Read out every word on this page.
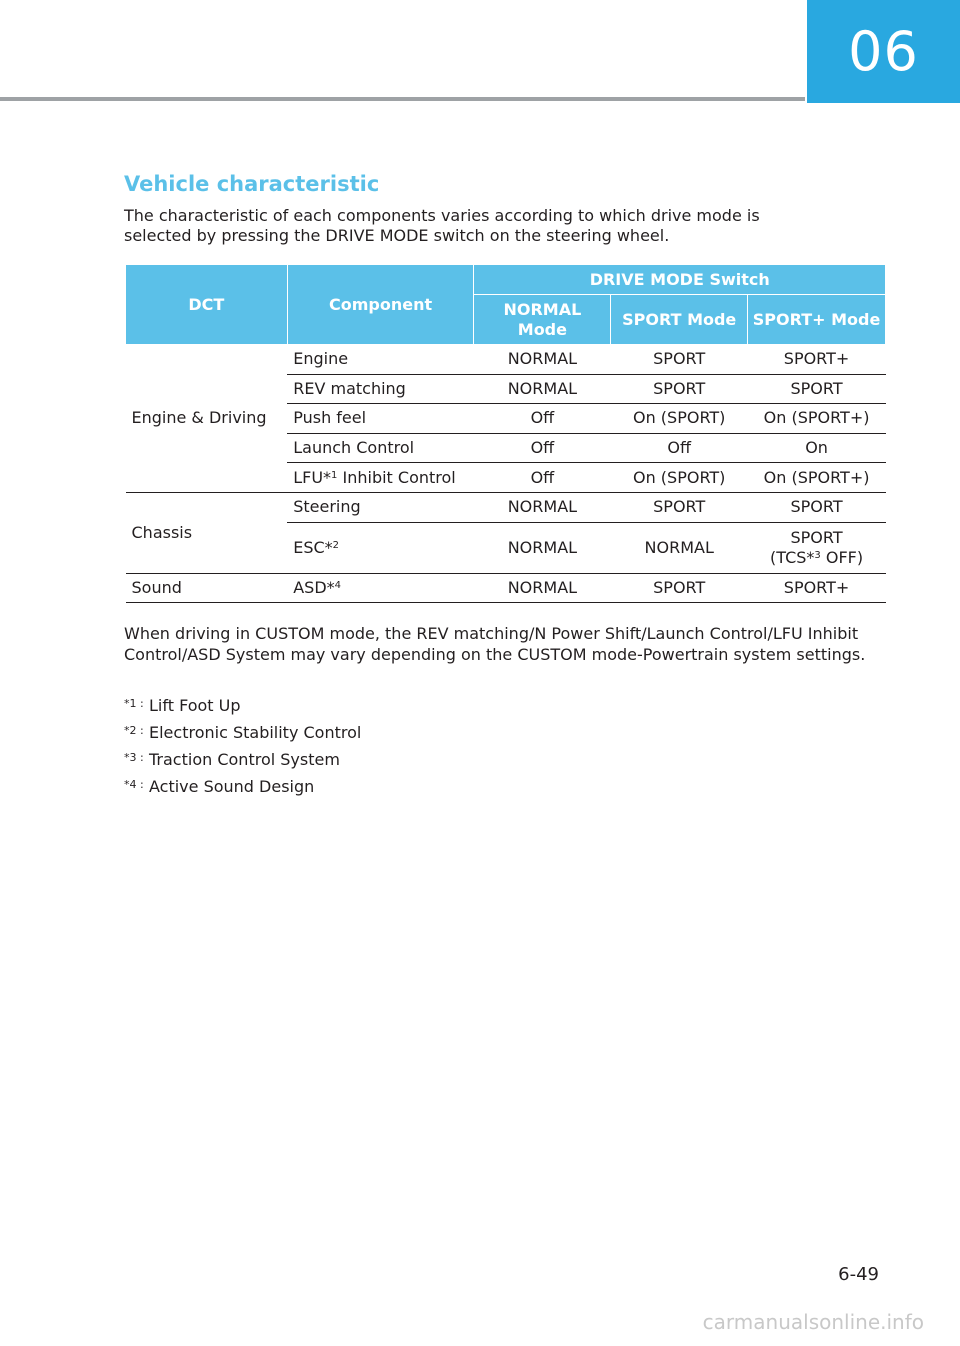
06
Vehicle characteristic
The characteristic of each components varies according to which drive mode is selected by pressing the DRIVE MODE switch on the steering wheel.
DCT	Component	DRIVE MODE Switch		
		NORMAL Mode	SPORT Mode	SPORT+ Mode
Engine & Driving	Engine	NORMAL	SPORT	SPORT+
	REV matching	NORMAL	SPORT	SPORT
	Push feel	Off	On (SPORT)	On (SPORT+)
	Launch Control	Off	Off	On
	LFU*$^1$ Inhibit Control	Off	On (SPORT)	On (SPORT+)
Chassis	Steering	NORMAL	SPORT	SPORT
	ESC*$^2$	NORMAL	NORMAL	SPORT
(TCS*$^3$ OFF)
Sound	ASD*$^4$	NORMAL	SPORT	SPORT+
When driving in CUSTOM mode, the REV matching/N Power Shift/Launch Control/LFU Inhibit Control/ASD System may vary depending on the CUSTOM mode-Powertrain system settings.
*1 : Lift Foot Up
*2 : Electronic Stability Control
*3 : Traction Control System
*4 : Active Sound Design
6-49
carmanualsonline.info
